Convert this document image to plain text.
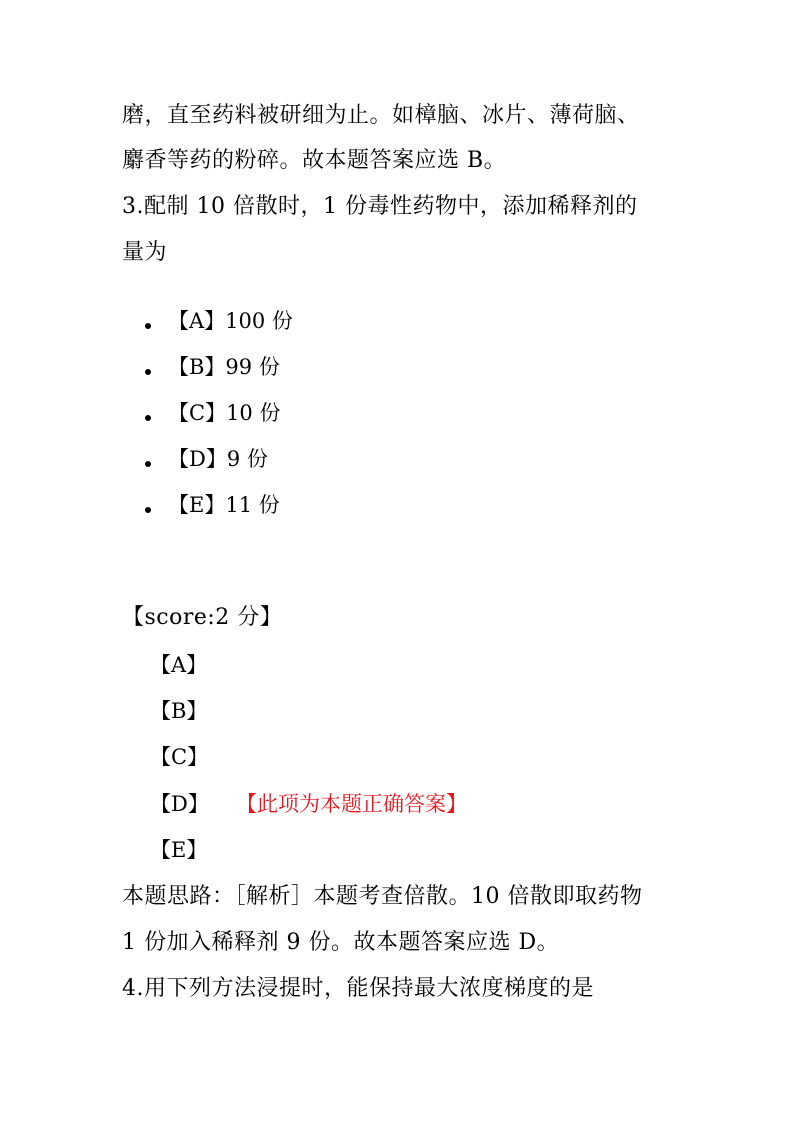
磨，直至药料被研细为止。如樟脑、冰片、薄荷脑、
麝香等药的粉碎。故本题答案应选 B。
3.配制 10 倍散时，1 份毒性药物中，添加稀释剂的
量为
【A】100 份
【B】99 份
【C】10 份
【D】9 份
【E】11 份
【score:2 分】
【A】
【B】
【C】
【D】 【此项为本题正确答案】
【E】
本题思路：［解析］本题考查倍散。10 倍散即取药物
1 份加入稀释剂 9 份。故本题答案应选 D。
4.用下列方法浸提时，能保持最大浓度梯度的是
